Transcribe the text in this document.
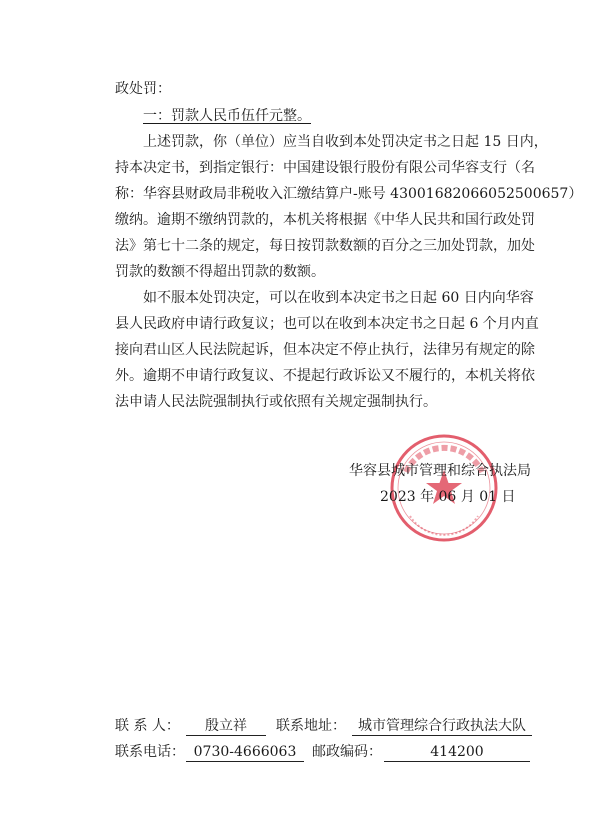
政处罚：
一：罚款人民币伍仟元整。
上述罚款，你（单位）应当自收到本处罚决定书之日起 15 日内，
持本决定书，到指定银行：中国建设银行股份有限公司华容支行（名
称：华容县财政局非税收入汇缴结算户-账号 43001682066052500657）
缴纳。逾期不缴纳罚款的，本机关将根据《中华人民共和国行政处罚
法》第七十二条的规定，每日按罚款数额的百分之三加处罚款，加处
罚款的数额不得超出罚款的数额。
如不服本处罚决定，可以在收到本决定书之日起 60 日内向华容
县人民政府申请行政复议；也可以在收到本决定书之日起 6 个月内直
接向君山区人民法院起诉，但本决定不停止执行，法律另有规定的除
外。逾期不申请行政复议、不提起行政诉讼又不履行的，本机关将依
法申请人民法院强制执行或依照有关规定强制执行。
华容县城市管理和综合执法局
2023 年 06 月 01 日
联 系 人：	殷立祥	联系地址： 城市管理综合行政执法大队
联系电话： 0730-4666063	邮政编码：	414200
